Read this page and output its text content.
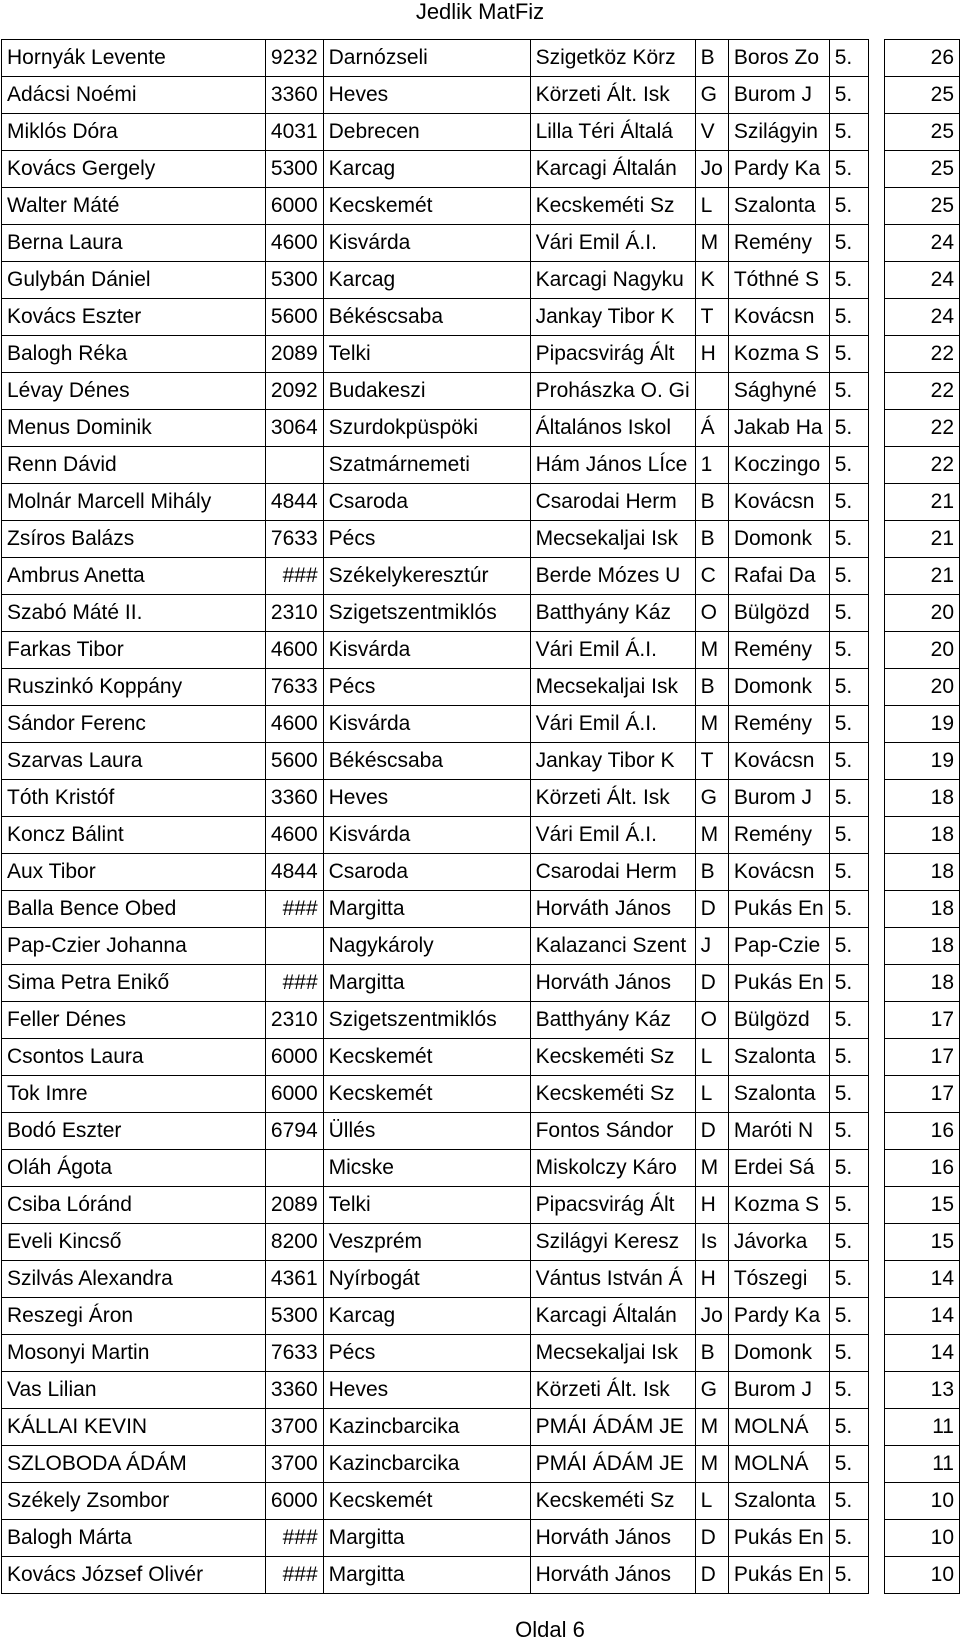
Jedlik MatFiz
Hornyák Levente	9232	Darnózseli	Szigetköz Körz	B	Boros Zo	5.		26
Adácsi Noémi	3360	Heves	Körzeti Ált. Isk	G	Burom J	5.		25
Miklós Dóra	4031	Debrecen	Lilla Téri Általá	V	Szilágyin	5.		25
Kovács Gergely	5300	Karcag	Karcagi Általán	Jo	Pardy Ka	5.		25
Walter Máté	6000	Kecskemét	Kecskeméti Sz	L	Szalonta	5.		25
Berna Laura	4600	Kisvárda	Vári Emil Á.I.	M	Remény	5.		24
Gulybán Dániel	5300	Karcag	Karcagi Nagyku	K	Tóthné S	5.		24
Kovács Eszter	5600	Békéscsaba	Jankay Tibor K	T	Kovácsn	5.		24
Balogh Réka	2089	Telki	Pipacsvirág Ált	H	Kozma S	5.		22
Lévay Dénes	2092	Budakeszi	Prohászka O. Gi		Sághyné	5.		22
Menus Dominik	3064	Szurdokpüspöki	Általános Iskol	Á	Jakab Ha	5.		22
Renn Dávid		Szatmárnemeti	Hám János LÍce	1	Koczingo	5.		22
Molnár Marcell Mihály	4844	Csaroda	Csarodai Herm	B	Kovácsn	5.		21
Zsíros Balázs	7633	Pécs	Mecsekaljai Isk	B	Domonk	5.		21
Ambrus Anetta	###	Székelykeresztúr	Berde Mózes U	C	Rafai Da	5.		21
Szabó Máté II.	2310	Szigetszentmiklós	Batthyány Káz	O	Bülgözd	5.		20
Farkas Tibor	4600	Kisvárda	Vári Emil Á.I.	M	Remény	5.		20
Ruszinkó Koppány	7633	Pécs	Mecsekaljai Isk	B	Domonk	5.		20
Sándor Ferenc	4600	Kisvárda	Vári Emil Á.I.	M	Remény	5.		19
Szarvas Laura	5600	Békéscsaba	Jankay Tibor K	T	Kovácsn	5.		19
Tóth Kristóf	3360	Heves	Körzeti Ált. Isk	G	Burom J	5.		18
Koncz Bálint	4600	Kisvárda	Vári Emil Á.I.	M	Remény	5.		18
Aux Tibor	4844	Csaroda	Csarodai Herm	B	Kovácsn	5.		18
Balla Bence Obed	###	Margitta	Horváth János	D	Pukás En	5.		18
Pap-Czier Johanna		Nagykároly	Kalazanci Szent	J	Pap-Czie	5.		18
Sima Petra Enikő	###	Margitta	Horváth János	D	Pukás En	5.		18
Feller Dénes	2310	Szigetszentmiklós	Batthyány Káz	O	Bülgözd	5.		17
Csontos Laura	6000	Kecskemét	Kecskeméti Sz	L	Szalonta	5.		17
Tok Imre	6000	Kecskemét	Kecskeméti Sz	L	Szalonta	5.		17
Bodó Eszter	6794	Üllés	Fontos Sándor	D	Maróti N	5.		16
Oláh Ágota		Micske	Miskolczy Káro	M	Erdei Sá	5.		16
Csiba Lóránd	2089	Telki	Pipacsvirág Ált	H	Kozma S	5.		15
Eveli Kincső	8200	Veszprém	Szilágyi Keresz	Is	Jávorka	5.		15
Szilvás Alexandra	4361	Nyírbogát	Vántus István Á	H	Tószegi	5.		14
Reszegi Áron	5300	Karcag	Karcagi Általán	Jo	Pardy Ka	5.		14
Mosonyi Martin	7633	Pécs	Mecsekaljai Isk	B	Domonk	5.		14
Vas Lilian	3360	Heves	Körzeti Ált. Isk	G	Burom J	5.		13
KÁLLAI KEVIN	3700	Kazincbarcika	PMÁI ÁDÁM JE	M	MOLNÁ	5.		11
SZLOBODA ÁDÁM	3700	Kazincbarcika	PMÁI ÁDÁM JE	M	MOLNÁ	5.		11
Székely Zsombor	6000	Kecskemét	Kecskeméti Sz	L	Szalonta	5.		10
Balogh Márta	###	Margitta	Horváth János	D	Pukás En	5.		10
Kovács József Olivér	###	Margitta	Horváth János	D	Pukás En	5.		10
Oldal 6
